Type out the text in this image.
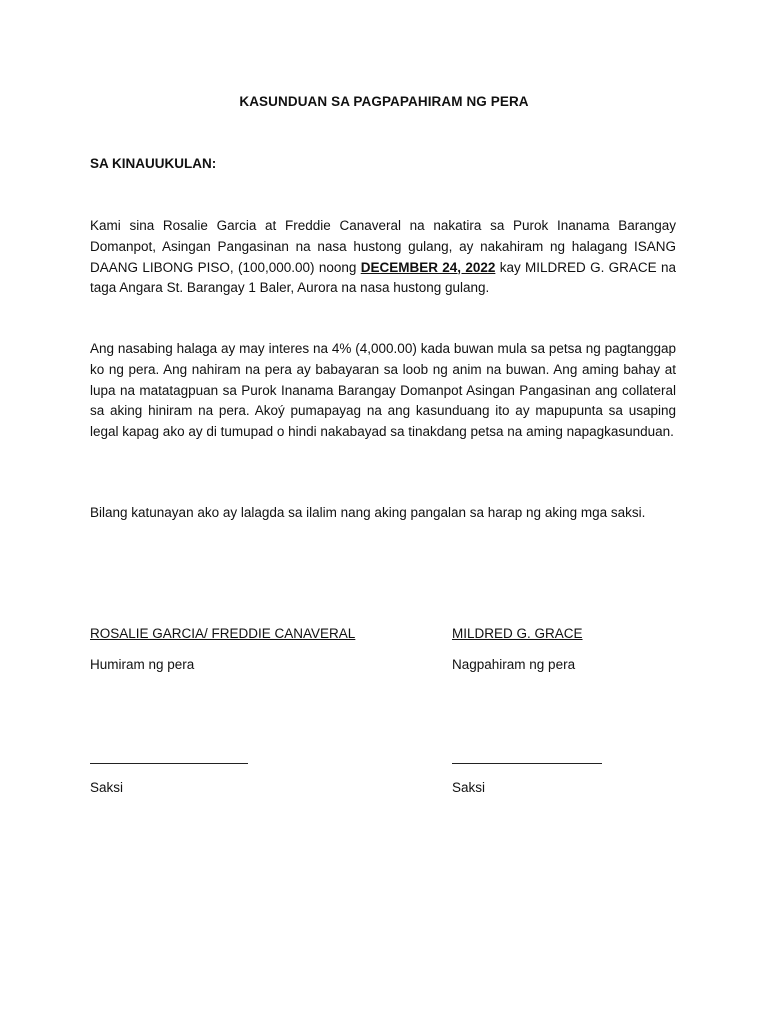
KASUNDUAN SA PAGPAPAHIRAM NG PERA
SA KINAUUKULAN:

Kami sina Rosalie Garcia at Freddie Canaveral na nakatira sa Purok Inanama Barangay Domanpot, Asingan Pangasinan na nasa hustong gulang, ay nakahiram ng halagang ISANG DAANG LIBONG PISO, (100,000.00) noong DECEMBER 24, 2022 kay MILDRED G. GRACE na taga Angara St. Barangay 1 Baler, Aurora na nasa hustong gulang.

Ang nasabing halaga ay may interes na 4% (4,000.00) kada buwan mula sa petsa ng pagtanggap ko ng pera. Ang nahiram na pera ay babayaran sa loob ng anim na buwan. Ang aming bahay at lupa na matatagpuan sa Purok Inanama Barangay Domanpot Asingan Pangasinan ang collateral sa aking hiniram na pera. Akoý pumapayag na ang kasunduang ito ay mapupunta sa usaping legal kapag ako ay di tumupad o hindi nakabayad sa tinakdang petsa na aming napagkasunduan.

Bilang katunayan ako ay lalagda sa ilalim nang aking pangalan sa harap ng aking mga saksi.

ROSALIE GARCIA/ FREDDIE CANAVERAL
Humiram ng pera
MILDRED G. GRACE
Nagpahiram ng pera
Saksi	Saksi
